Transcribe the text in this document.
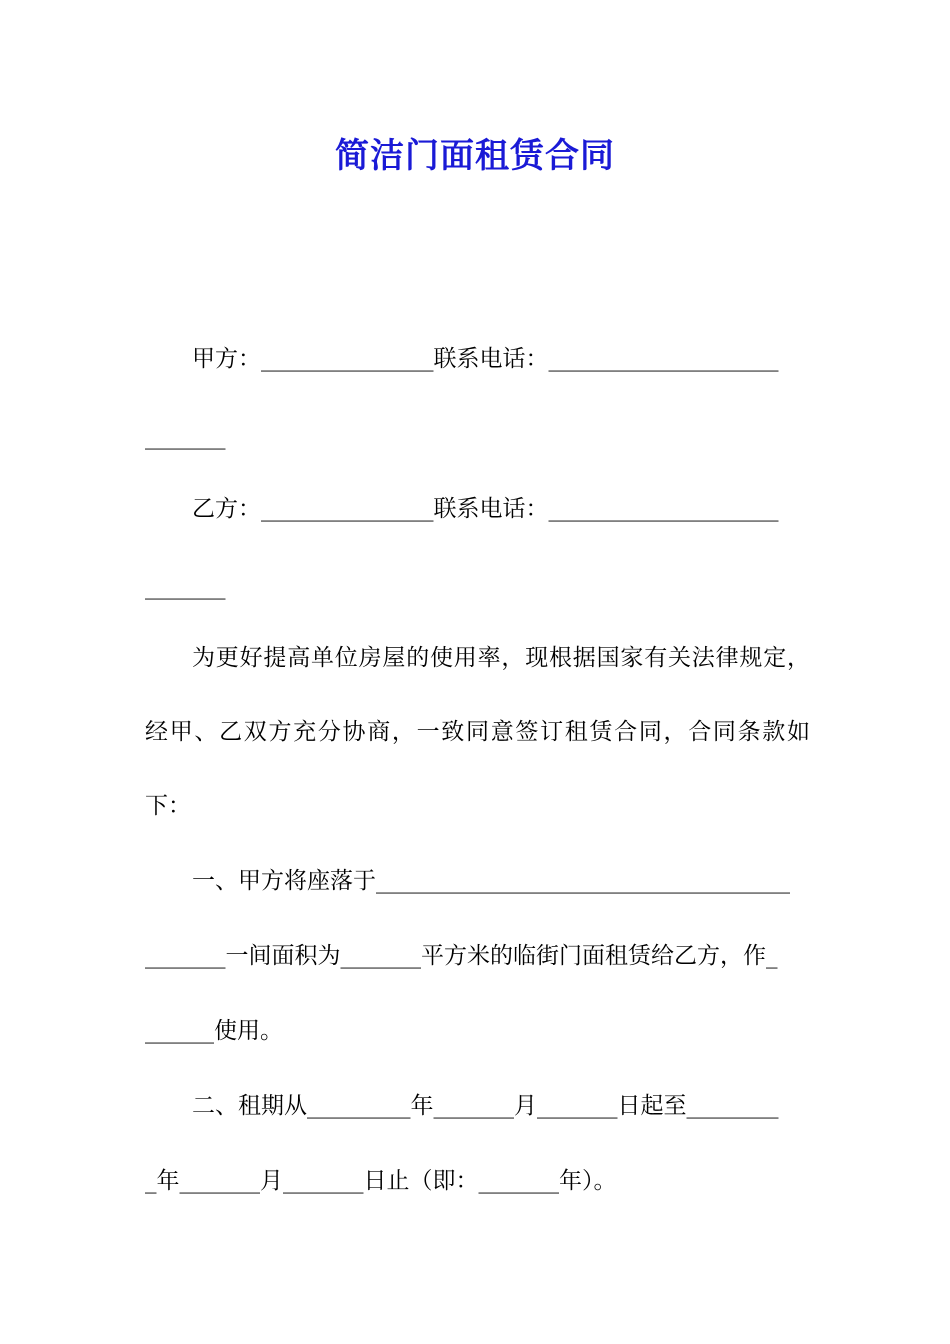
简洁门面租赁合同
甲方：_______________联系电话：____________________
_______
乙方：_______________联系电话：____________________
_______
为更好提高单位房屋的使用率，现根据国家有关法律规定，
经甲、乙双方充分协商，一致同意签订租赁合同，合同条款如
下：
一、甲方将座落于____________________________________
_______一间面积为_______平方米的临街门面租赁给乙方，作_
______使用。
二、租期从_________年_______月_______日起至________
_年_______月_______日止（即：_______年）。
